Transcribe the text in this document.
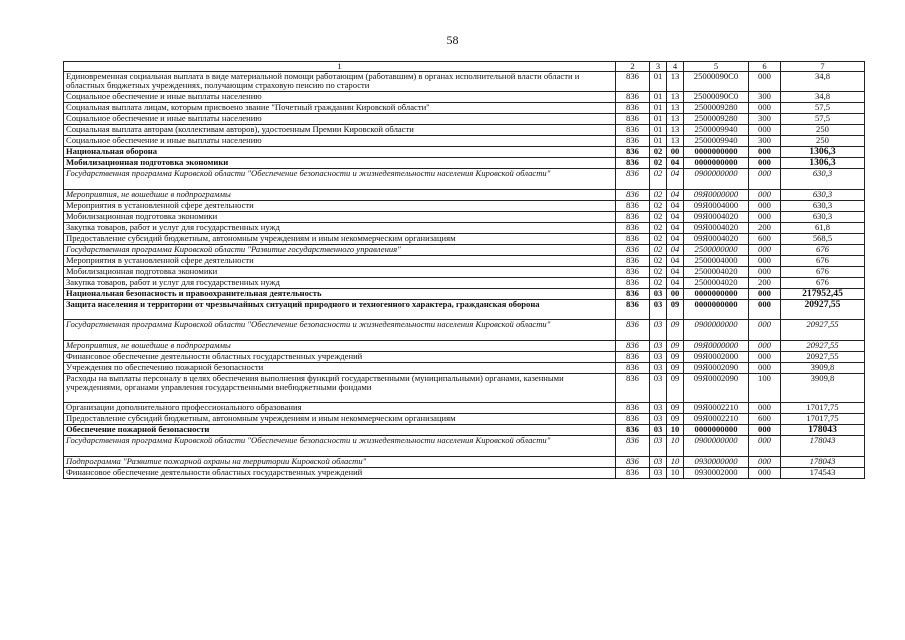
58
1	2	3	4	5	6	7
Единовременная социальная выплата в виде материальной помощи работающим (работавшим) в органах исполнительной власти области и областных бюджетных учреждениях, получающим страховую пенсию по старости	836	01	13	25000090С0	000	34,8
Социальное обеспечение и иные выплаты населению	836	01	13	25000090С0	300	34,8
Социальная выплата лицам, которым присвоено звание "Почетный гражданин Кировской области"	836	01	13	2500009280	000	57,5
Социальное обеспечение и иные выплаты населению	836	01	13	2500009280	300	57,5
Социальная выплата авторам (коллективам авторов), удостоенным Премии Кировской области	836	01	13	2500009940	000	250
Социальное обеспечение и иные выплаты населению	836	01	13	2500009940	300	250
Национальная оборона	836	02	00	0000000000	000	1306,3
Мобилизационная подготовка экономики	836	02	04	0000000000	000	1306,3
Государственная программа Кировской области "Обеспечение безопасности и жизнедеятельности населения Кировской области"	836	02	04	0900000000	000	630,3
Мероприятия, не вошедшие в подпрограммы	836	02	04	09Я0000000	000	630,3
Мероприятия в установленной сфере деятельности	836	02	04	09Я0004000	000	630,3
Мобилизационная подготовка экономики	836	02	04	09Я0004020	000	630,3
Закупка товаров, работ и услуг для государственных нужд	836	02	04	09Я0004020	200	61,8
Предоставление субсидий бюджетным, автономным учреждениям и иным некоммерческим организациям	836	02	04	09Я0004020	600	568,5
Государственная программа Кировской области "Развитие государственного управления"	836	02	04	2500000000	000	676
Мероприятия в установленной сфере деятельности	836	02	04	2500004000	000	676
Мобилизационная подготовка экономики	836	02	04	2500004020	000	676
Закупка товаров, работ и услуг для государственных нужд	836	02	04	2500004020	200	676
Национальная безопасность и правоохранительная деятельность	836	03	00	0000000000	000	217952,45
Защита населения и территории от чрезвычайных ситуаций природного и техногенного характера, гражданская оборона	836	03	09	0000000000	000	20927,55
Государственная программа Кировской области "Обеспечение безопасности и жизнедеятельности населения Кировской области"	836	03	09	0900000000	000	20927,55
Мероприятия, не вошедшие в подпрограммы	836	03	09	09Я0000000	000	20927,55
Финансовое обеспечение деятельности областных государственных учреждений	836	03	09	09Я0002000	000	20927,55
Учреждения по обеспечению пожарной безопасности	836	03	09	09Я0002090	000	3909,8
Расходы на выплаты персоналу в целях обеспечения выполнения функций государственными (муниципальными) органами, казенными учреждениями, органами управления государственными внебюджетными фондами	836	03	09	09Я0002090	100	3909,8
Организации дополнительного профессионального образования	836	03	09	09Я0002210	000	17017,75
Предоставление субсидий бюджетным, автономным учреждениям и иным некоммерческим организациям	836	03	09	09Я0002210	600	17017,75
Обеспечение пожарной безопасности	836	03	10	0000000000	000	178043
Государственная программа Кировской области "Обеспечение безопасности и жизнедеятельности населения Кировской области"	836	03	10	0900000000	000	178043
Подпрограмма "Развитие пожарной охраны на территории Кировской области"	836	03	10	0930000000	000	178043
Финансовое обеспечение деятельности областных государственных учреждений	836	03	10	0930002000	000	174543
